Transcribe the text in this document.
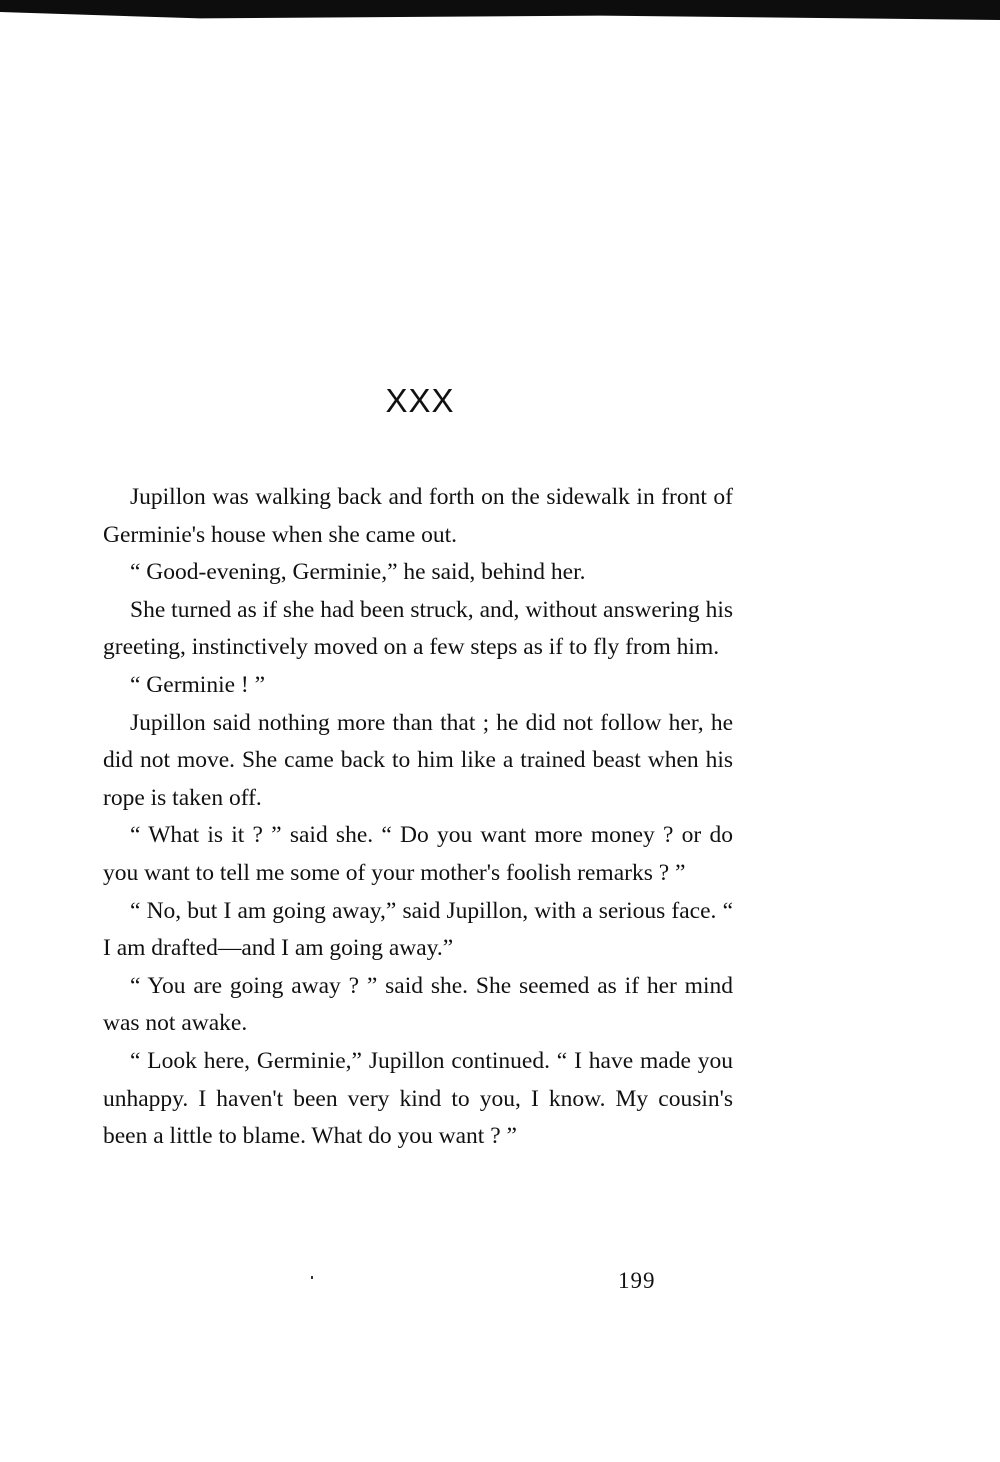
XXX

Jupillon was walking back and forth on the sidewalk in front of Germinie's house when she came out.

“ Good-evening, Germinie,” he said, behind her.

She turned as if she had been struck, and, without answering his greeting, instinctively moved on a few steps as if to fly from him.

“ Germinie ! ”

Jupillon said nothing more than that ; he did not follow her, he did not move. She came back to him like a trained beast when his rope is taken off.

“ What is it ? ” said she. “ Do you want more money ? or do you want to tell me some of your mother's foolish remarks ? ”

“ No, but I am going away,” said Jupillon, with a serious face. “ I am drafted—and I am going away.”

“ You are going away ? ” said she. She seemed as if her mind was not awake.

“ Look here, Germinie,” Jupillon continued. “ I have made you unhappy. I haven't been very kind to you, I know. My cousin's been a little to blame. What do you want ? ”

199
